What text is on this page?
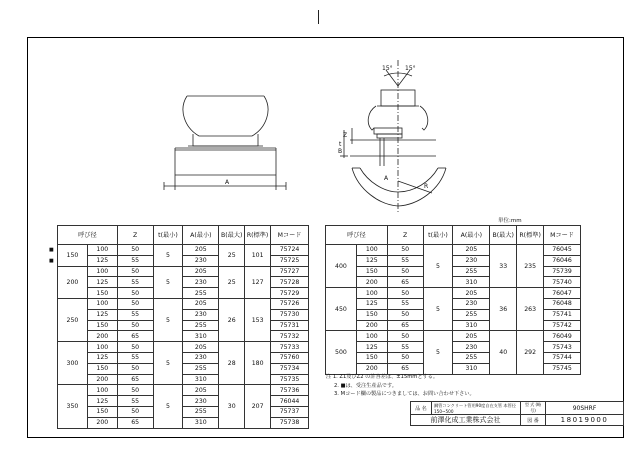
A
Z
B
t
R
A
15° 15°
単位:mm
■
■
呼び径		Z	t(最小)	A(最小)	B(最大)	R(標準)	Mコード
150	100	50	5	205	25	101	75724
	125	55		230			75725
200	100	50	5	205	25	127	75727
	125	55		230			75728
	150	50		255			75729
250	100	50	5	205	26	153	75726
	125	55		230			75730
	150	50		255			75731
	200	65		310			75732
300	100	50	5	205	28	180	75733
	125	55		230			75760
	150	50		255			75734
	200	65		310			75735
350	100	50	5	205	30	207	75736
	125	55		230			76044
	150	50		255			75737
	200	65		310			75738
呼び径		Z	t(最小)	A(最小)	B(最大)	R(標準)	Mコード
400	100	50	5	205	33	235	76045
	125	55		230			76046
	150	50		255			75739
	200	65		310			75740
450	100	50	5	205	36	263	76047
	125	55		230			76048
	150	50		255			75741
	200	65		310			75742
500	100	50	5	205	40	292	76049
	125	55		230			75743
	150	50		255			75744
	200	65		310			75745
注 1. Z1及びZ2 の許容差は、±15mmとする。
2. ■は、受注生産品です。
3. Mコード欄の製品につきましては、お問い合わせ下さい。
品 名	鋼管コンクリート管用90度自在支管 本管径150~500	型 式 (略号)	90SHRF
前澤化成工業株式会社		図 番	18019000
